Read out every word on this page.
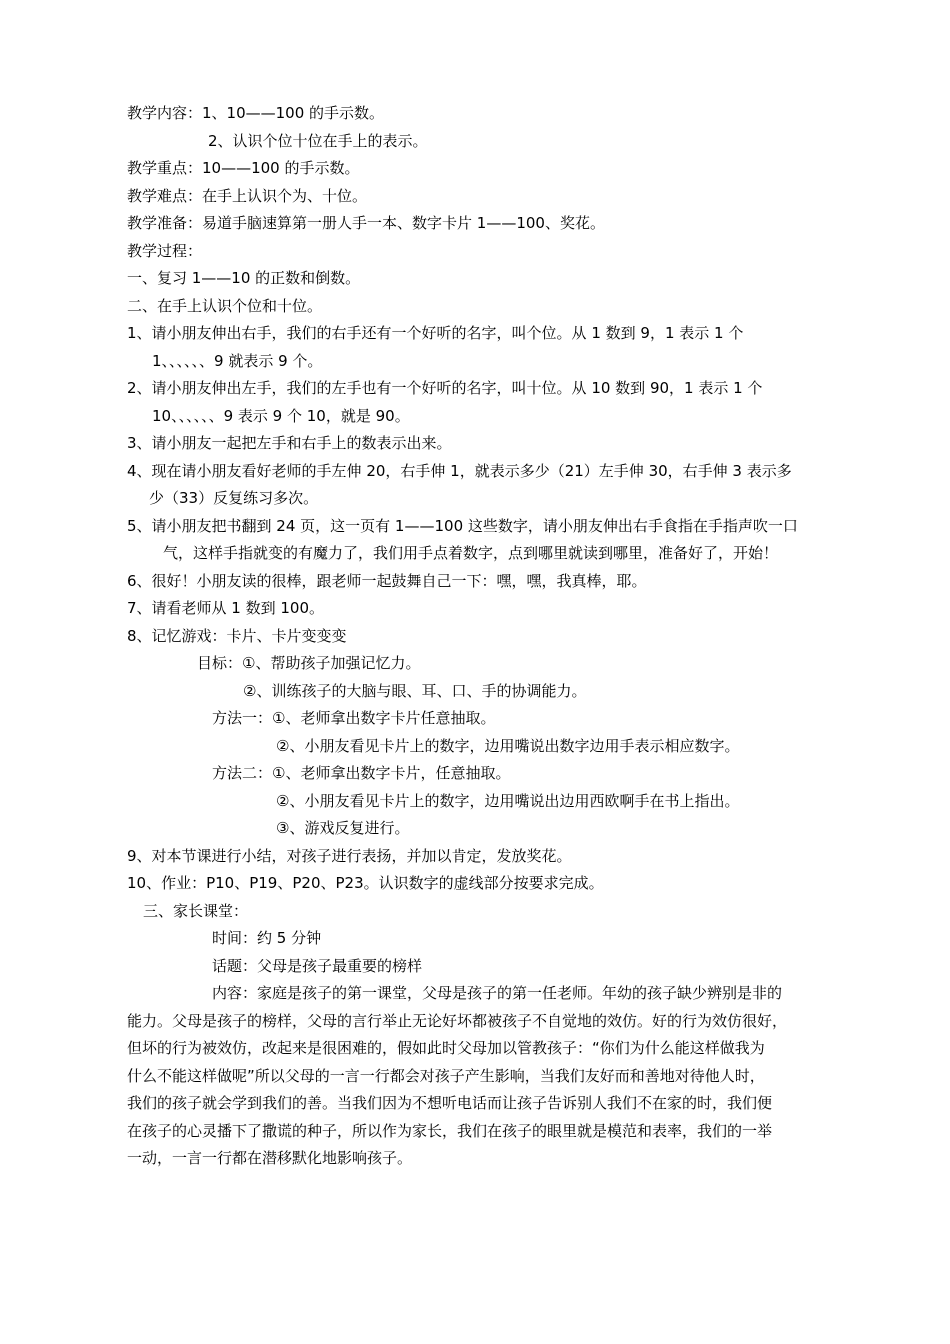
教学内容：1、10——100 的手示数。
2、认识个位十位在手上的表示。
教学重点：10——100 的手示数。
教学难点：在手上认识个为、十位。
教学准备：易道手脑速算第一册人手一本、数字卡片 1——100、奖花。
教学过程：
一、复习 1——10 的正数和倒数。
二、在手上认识个位和十位。
1、请小朋友伸出右手，我们的右手还有一个好听的名字，叫个位。从 1 数到 9，1 表示 1 个
1、、、、、、9 就表示 9 个。
2、请小朋友伸出左手，我们的左手也有一个好听的名字，叫十位。从 10 数到 90，1 表示 1 个
10、、、、、、9 表示 9 个 10，就是 90。
3、请小朋友一起把左手和右手上的数表示出来。
4、现在请小朋友看好老师的手左伸 20，右手伸 1，就表示多少（21）左手伸 30，右手伸 3 表示多
少（33）反复练习多次。
5、请小朋友把书翻到 24 页，这一页有 1——100 这些数字，请小朋友伸出右手食指在手指声吹一口
气，这样手指就变的有魔力了，我们用手点着数字，点到哪里就读到哪里，准备好了，开始！
6、很好！小朋友读的很棒，跟老师一起鼓舞自己一下：嘿，嘿，我真棒，耶。
7、请看老师从 1 数到 100。
8、记忆游戏：卡片、卡片变变变
目标：①、帮助孩子加强记忆力。
②、训练孩子的大脑与眼、耳、口、手的协调能力。
方法一：①、老师拿出数字卡片任意抽取。
②、小朋友看见卡片上的数字，边用嘴说出数字边用手表示相应数字。
方法二：①、老师拿出数字卡片，任意抽取。
②、小朋友看见卡片上的数字，边用嘴说出边用西欧啊手在书上指出。
③、游戏反复进行。
9、对本节课进行小结，对孩子进行表扬，并加以肯定，发放奖花。
10、作业：P10、P19、P20、P23。认识数字的虚线部分按要求完成。
三、家长课堂：
时间：约 5 分钟
话题：父母是孩子最重要的榜样
内容：家庭是孩子的第一课堂，父母是孩子的第一任老师。年幼的孩子缺少辨别是非的
能力。父母是孩子的榜样，父母的言行举止无论好坏都被孩子不自觉地的效仿。好的行为效仿很好，
但坏的行为被效仿，改起来是很困难的，假如此时父母加以管教孩子：“你们为什么能这样做我为
什么不能这样做呢”所以父母的一言一行都会对孩子产生影响，当我们友好而和善地对待他人时，
我们的孩子就会学到我们的善。当我们因为不想听电话而让孩子告诉别人我们不在家的时，我们便
在孩子的心灵播下了撒谎的种子，所以作为家长，我们在孩子的眼里就是模范和表率，我们的一举
一动，一言一行都在潜移默化地影响孩子。
